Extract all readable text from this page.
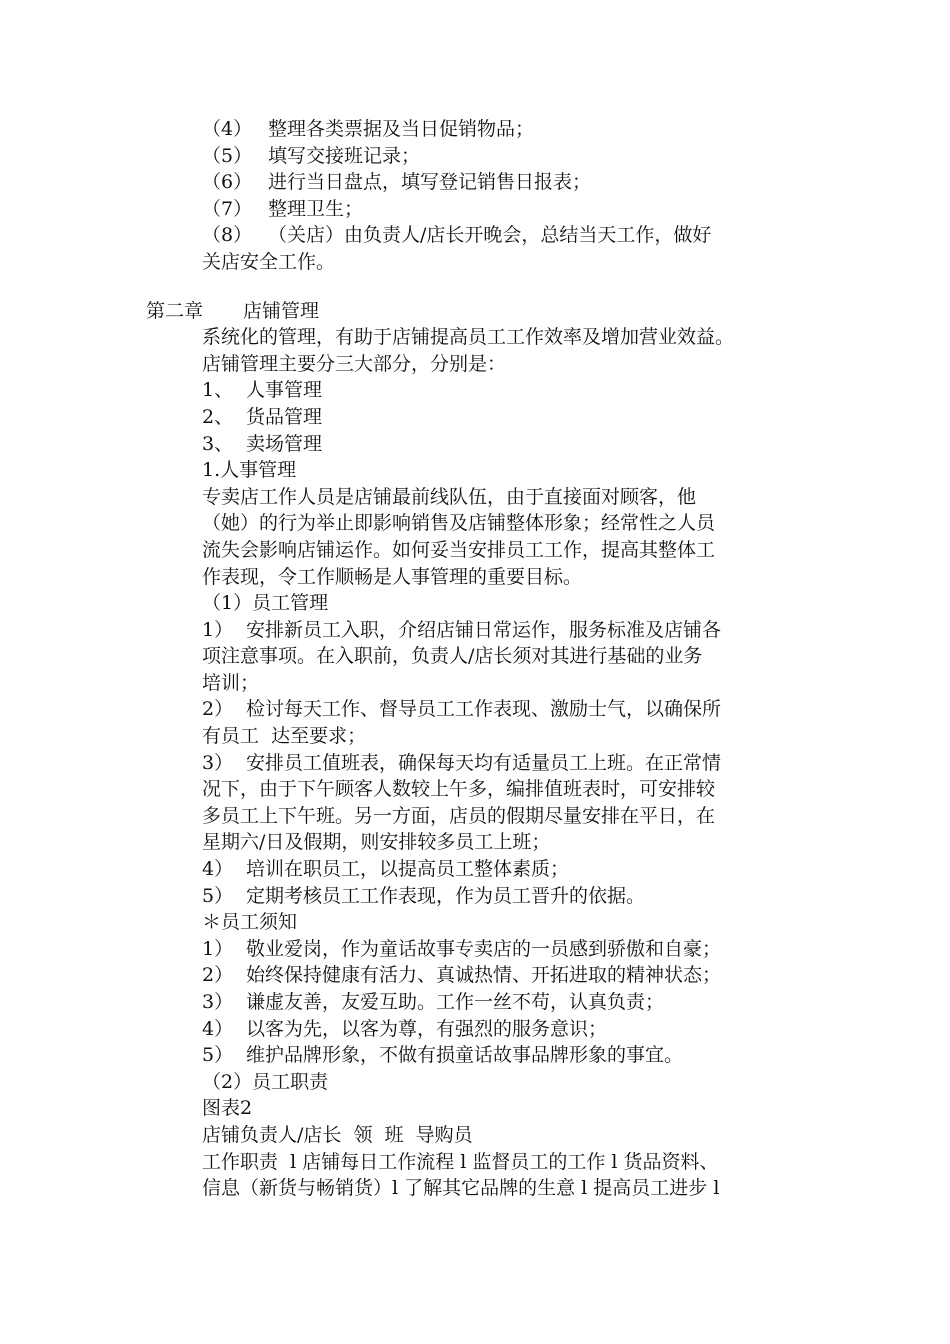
（4） 整理各类票据及当日促销物品；
（5） 填写交接班记录；
（6） 进行当日盘点，填写登记销售日报表；
（7） 整理卫生；
（8） （关店）由负责人/店长开晚会，总结当天工作，做好
关店安全工作。
第二章 店铺管理
系统化的管理，有助于店铺提高员工工作效率及增加营业效益。
店铺管理主要分三大部分，分别是：
1、 人事管理
2、 货品管理
3、 卖场管理
1.人事管理
专卖店工作人员是店铺最前线队伍，由于直接面对顾客，他
（她）的行为举止即影响销售及店铺整体形象；经常性之人员
流失会影响店铺运作。如何妥当安排员工工作，提高其整体工
作表现，令工作顺畅是人事管理的重要目标。
（1）员工管理
1） 安排新员工入职，介绍店铺日常运作，服务标准及店铺各
项注意事项。在入职前，负责人/店长须对其进行基础的业务
培训；
2） 检讨每天工作、督导员工工作表现、激励士气，以确保所
有员工  达至要求；
3） 安排员工值班表，确保每天均有适量员工上班。在正常情
况下，由于下午顾客人数较上午多，编排值班表时，可安排较
多员工上下午班。另一方面，店员的假期尽量安排在平日，在
星期六/日及假期，则安排较多员工上班；
4） 培训在职员工，以提高员工整体素质；
5） 定期考核员工工作表现，作为员工晋升的依据。
＊员工须知
1） 敬业爱岗，作为童话故事专卖店的一员感到骄傲和自豪；
2） 始终保持健康有活力、真诚热情、开拓进取的精神状态；
3） 谦虚友善，友爱互助。工作一丝不苟，认真负责；
4） 以客为先，以客为尊，有强烈的服务意识；
5） 维护品牌形象，不做有损童话故事品牌形象的事宜。
（2）员工职责
图表2
店铺负责人/店长  领  班  导购员
工作职责  l 店铺每日工作流程 l 监督员工的工作 l 货品资料、
信息（新货与畅销货）l 了解其它品牌的生意 l 提高员工进步 l
